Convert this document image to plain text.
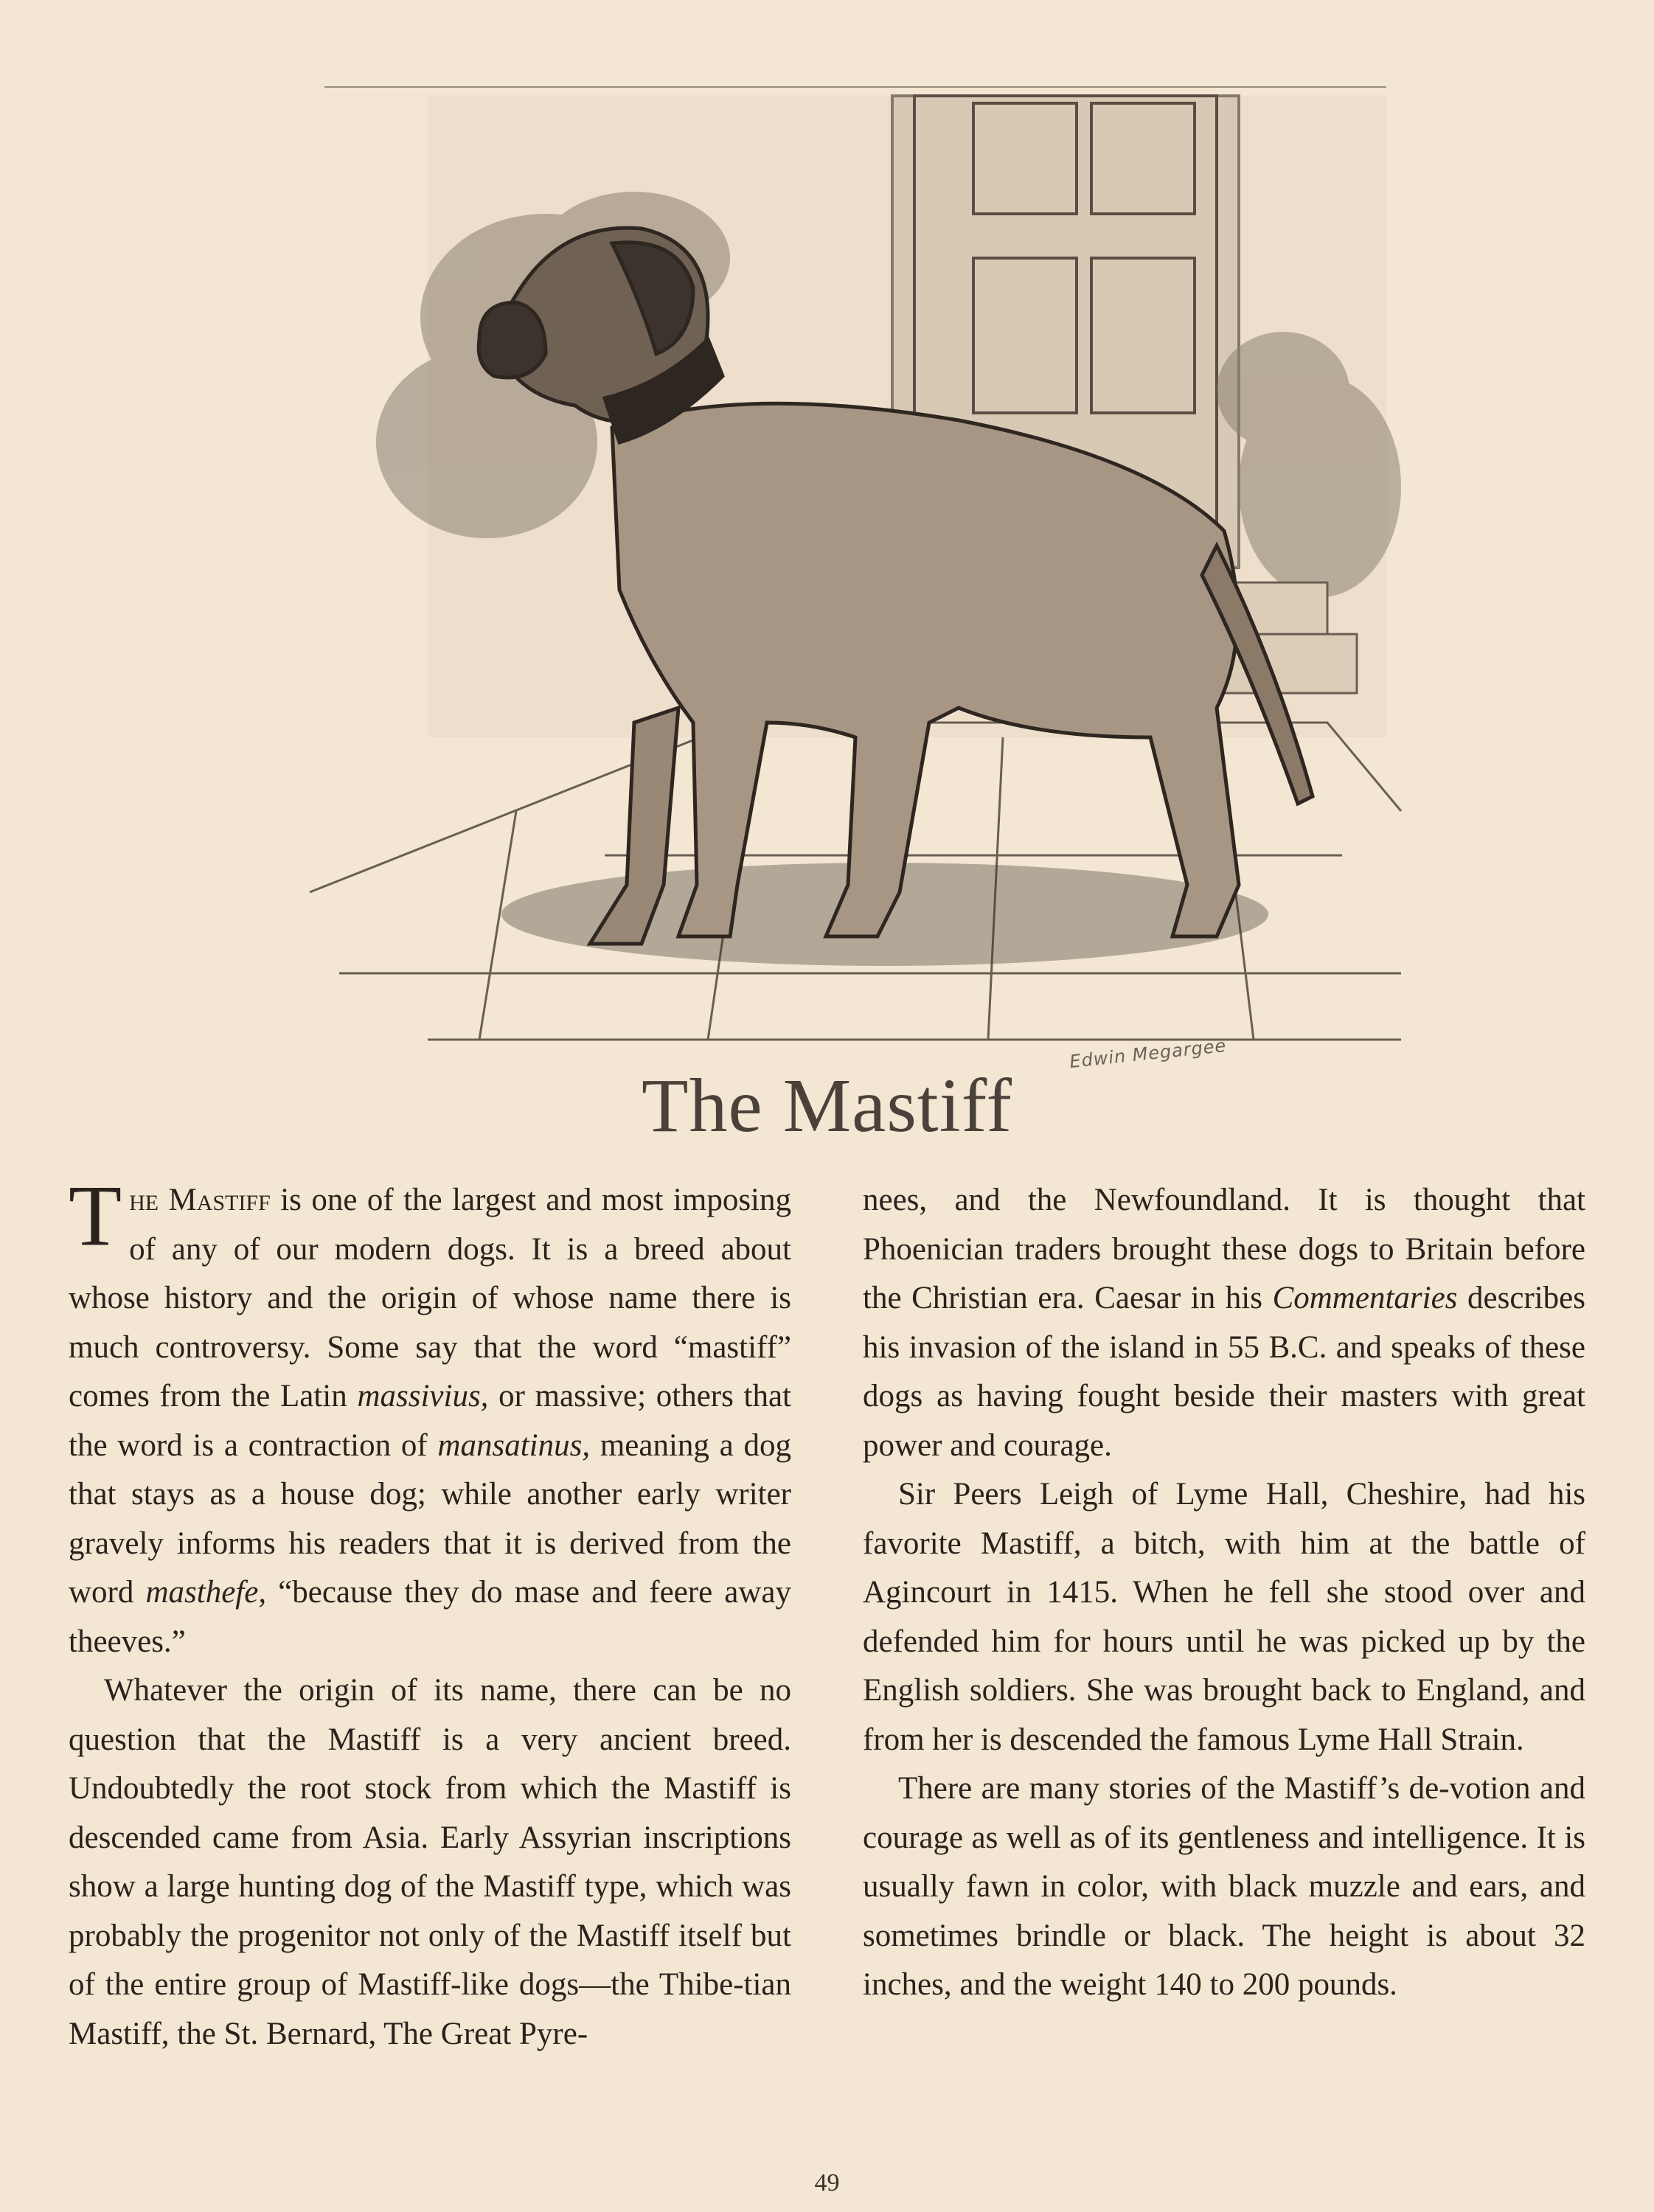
Edwin Megargee
The Mastiff

The Mastiff is one of the largest and most imposing of any of our modern dogs. It is a breed about whose history and the origin of whose name there is much controversy. Some say that the word “mastiff” comes from the Latin massivius, or massive; others that the word is a contraction of mansatinus, meaning a dog that stays as a house dog; while another early writer gravely informs his readers that it is derived from the word masthefe, “because they do mase and feere away theeves.”

Whatever the origin of its name, there can be no question that the Mastiff is a very ancient breed. Undoubtedly the root stock from which the Mastiff is descended came from Asia. Early Assyrian inscriptions show a large hunting dog of the Mastiff type, which was probably the progenitor not only of the Mastiff itself but of the entire group of Mastiff-like dogs—the Thibe-tian Mastiff, the St. Bernard, The Great Pyre-

nees, and the Newfoundland. It is thought that Phoenician traders brought these dogs to Britain before the Christian era. Caesar in his Commentaries describes his invasion of the island in 55 B.C. and speaks of these dogs as having fought beside their masters with great power and courage.

Sir Peers Leigh of Lyme Hall, Cheshire, had his favorite Mastiff, a bitch, with him at the battle of Agincourt in 1415. When he fell she stood over and defended him for hours until he was picked up by the English soldiers. She was brought back to England, and from her is descended the famous Lyme Hall Strain.

There are many stories of the Mastiff’s de-votion and courage as well as of its gentleness and intelligence. It is usually fawn in color, with black muzzle and ears, and sometimes brindle or black. The height is about 32 inches, and the weight 140 to 200 pounds.

49
